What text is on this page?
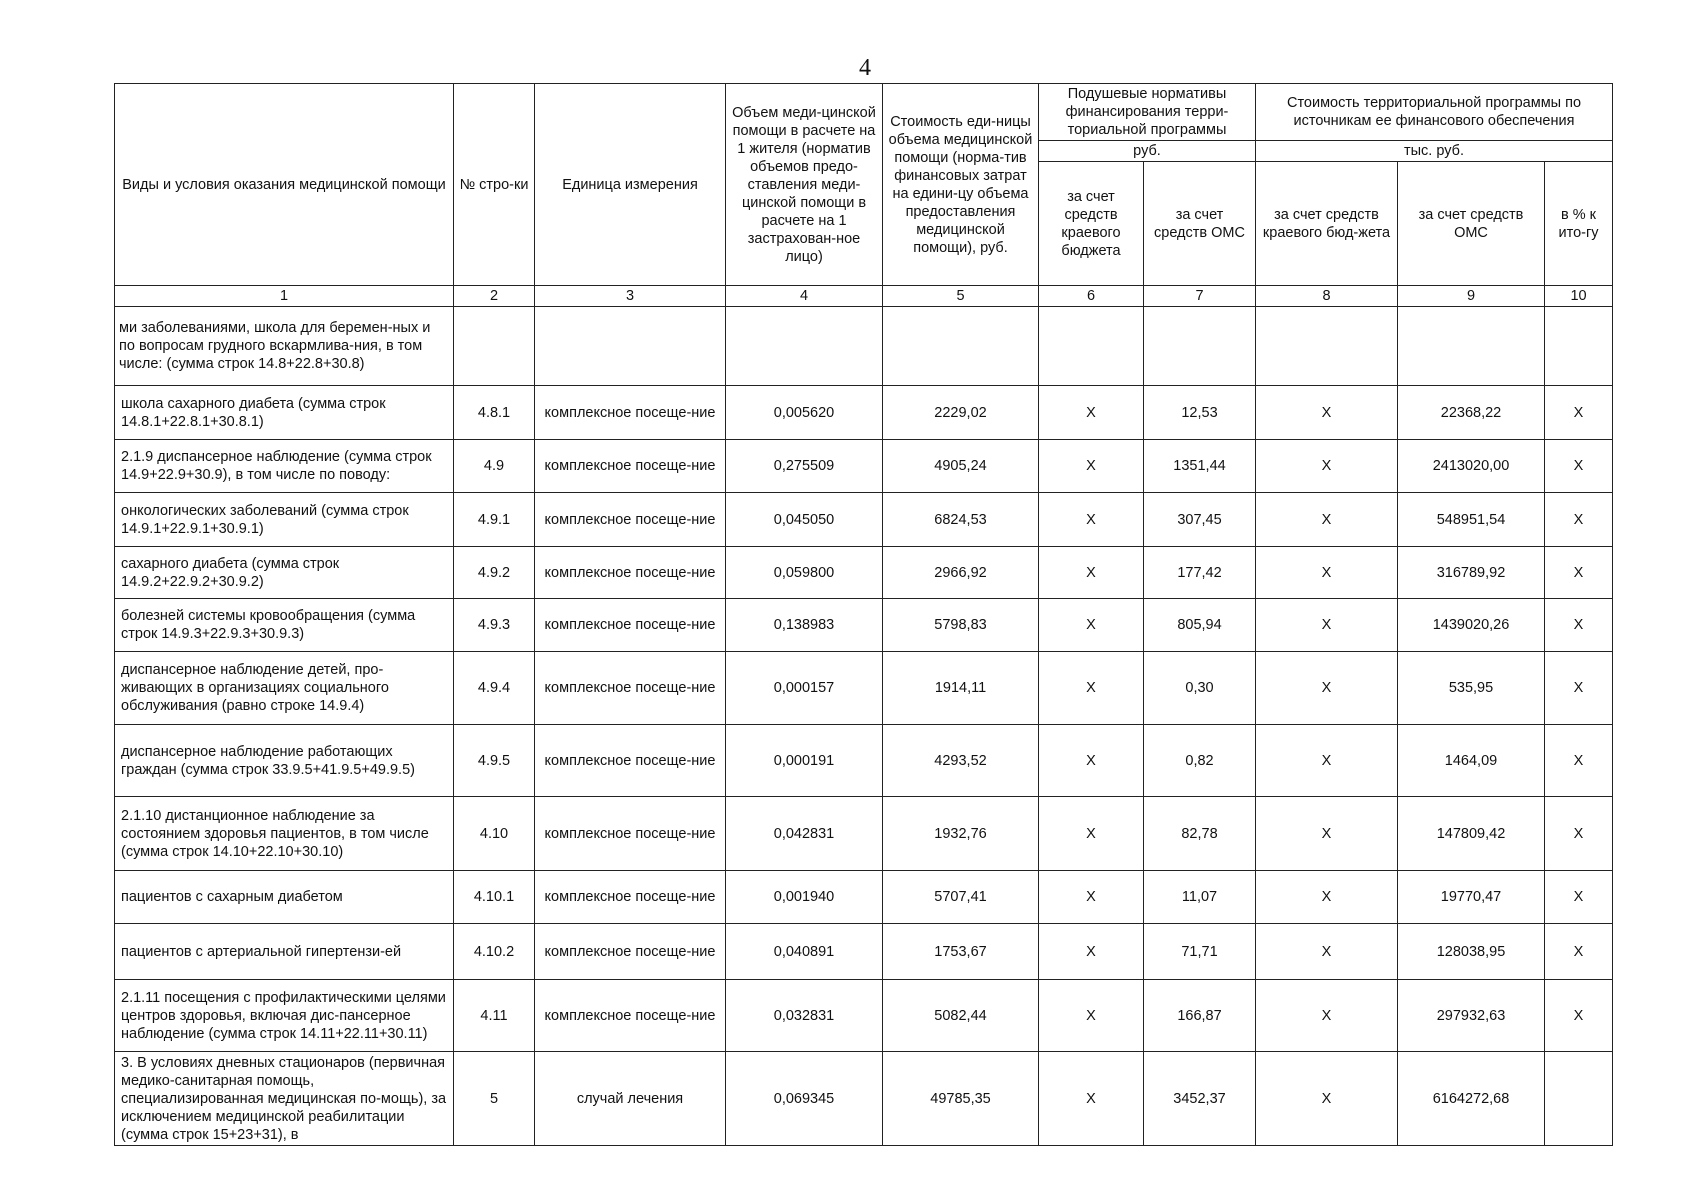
4
Виды и условия оказания медицинской помощи	№ стро-ки	Единица измерения	Объем меди-цинской помощи в расчете на 1 жителя (норматив объемов предо-ставления меди-цинской помощи в расчете на 1 застрахован-ное лицо)	Стоимость еди-ницы объема медицинской помощи (норма-тив финансовых затрат на едини-цу объема предоставления медицинской помощи), руб.	Подушевые нормативы финансирования терри-ториальной программы		Стоимость территориальной программы по источникам ее финансового обеспечения		
					руб.		тыс. руб.		
					за счет средств краевого бюджета	за счет средств ОМС	за счет средств краевого бюд-жета	за счет средств ОМС	в % к ито-гу
1	2	3	4	5	6	7	8	9	10
ми заболеваниями, школа для беремен-ных и по вопросам грудного вскармлива-ния, в том числе: (сумма строк 14.8+22.8+30.8)									
школа сахарного диабета (сумма строк 14.8.1+22.8.1+30.8.1)	4.8.1	комплексное посеще-ние	0,005620	2229,02	X	12,53	X	22368,22	X
2.1.9 диспансерное наблюдение (сумма строк 14.9+22.9+30.9), в том числе по поводу:	4.9	комплексное посеще-ние	0,275509	4905,24	X	1351,44	X	2413020,00	X
онкологических заболеваний (сумма строк 14.9.1+22.9.1+30.9.1)	4.9.1	комплексное посеще-ние	0,045050	6824,53	X	307,45	X	548951,54	X
сахарного диабета (сумма строк 14.9.2+22.9.2+30.9.2)	4.9.2	комплексное посеще-ние	0,059800	2966,92	X	177,42	X	316789,92	X
болезней системы кровообращения (сумма строк 14.9.3+22.9.3+30.9.3)	4.9.3	комплексное посеще-ние	0,138983	5798,83	X	805,94	X	1439020,26	X
диспансерное наблюдение детей, про-живающих в организациях социального обслуживания (равно строке 14.9.4)	4.9.4	комплексное посеще-ние	0,000157	1914,11	X	0,30	X	535,95	X
диспансерное наблюдение работающих граждан (сумма строк 33.9.5+41.9.5+49.9.5)	4.9.5	комплексное посеще-ние	0,000191	4293,52	X	0,82	X	1464,09	X
2.1.10 дистанционное наблюдение за состоянием здоровья пациентов, в том числе (сумма строк 14.10+22.10+30.10)	4.10	комплексное посеще-ние	0,042831	1932,76	X	82,78	X	147809,42	X
пациентов с сахарным диабетом	4.10.1	комплексное посеще-ние	0,001940	5707,41	X	11,07	X	19770,47	X
пациентов с артериальной гипертензи-ей	4.10.2	комплексное посеще-ние	0,040891	1753,67	X	71,71	X	128038,95	X
2.1.11 посещения с профилактическими целями центров здоровья, включая дис-пансерное наблюдение (сумма строк 14.11+22.11+30.11)	4.11	комплексное посеще-ние	0,032831	5082,44	X	166,87	X	297932,63	X
3. В условиях дневных стационаров (первичная медико-санитарная помощь, специализированная медицинская по-мощь), за исключением медицинской реабилитации (сумма строк 15+23+31), в	5	случай лечения	0,069345	49785,35	X	3452,37	X	6164272,68	
